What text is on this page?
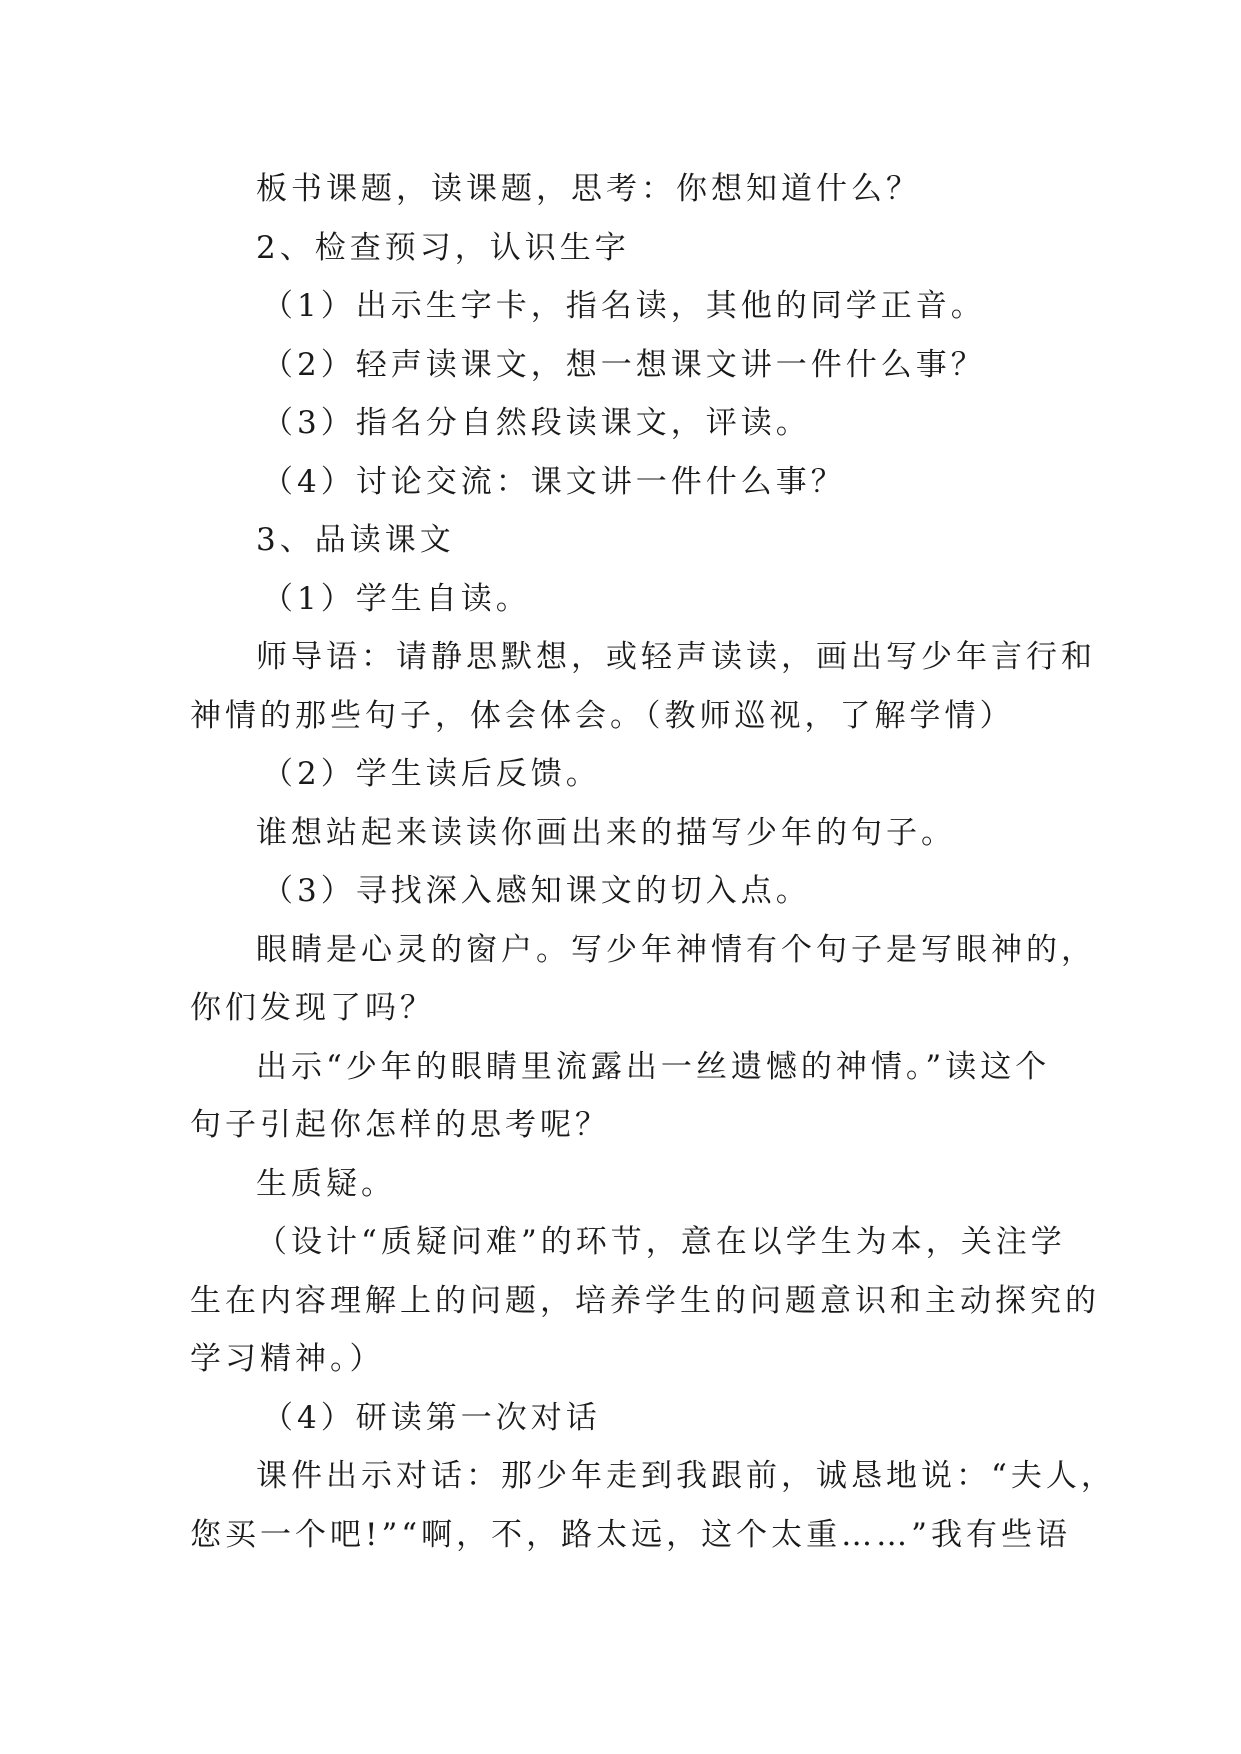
板书课题，读课题，思考：你想知道什么？
2、检查预习，认识生字
（1）出示生字卡，指名读，其他的同学正音。
（2）轻声读课文，想一想课文讲一件什么事？
（3）指名分自然段读课文，评读。
（4）讨论交流：课文讲一件什么事？
3、品读课文
（1）学生自读。
师导语：请静思默想，或轻声读读，画出写少年言行和
神情的那些句子，体会体会。（教师巡视，了解学情）
（2）学生读后反馈。
谁想站起来读读你画出来的描写少年的句子。
（3）寻找深入感知课文的切入点。
眼睛是心灵的窗户。写少年神情有个句子是写眼神的，
你们发现了吗？
出示“少年的眼睛里流露出一丝遗憾的神情。”读这个
句子引起你怎样的思考呢？
生质疑。
（设计“质疑问难”的环节，意在以学生为本，关注学
生在内容理解上的问题，培养学生的问题意识和主动探究的
学习精神。）
（4）研读第一次对话
课件出示对话：那少年走到我跟前，诚恳地说：“夫人，
您买一个吧!”“啊，不，路太远，这个太重……”我有些语
